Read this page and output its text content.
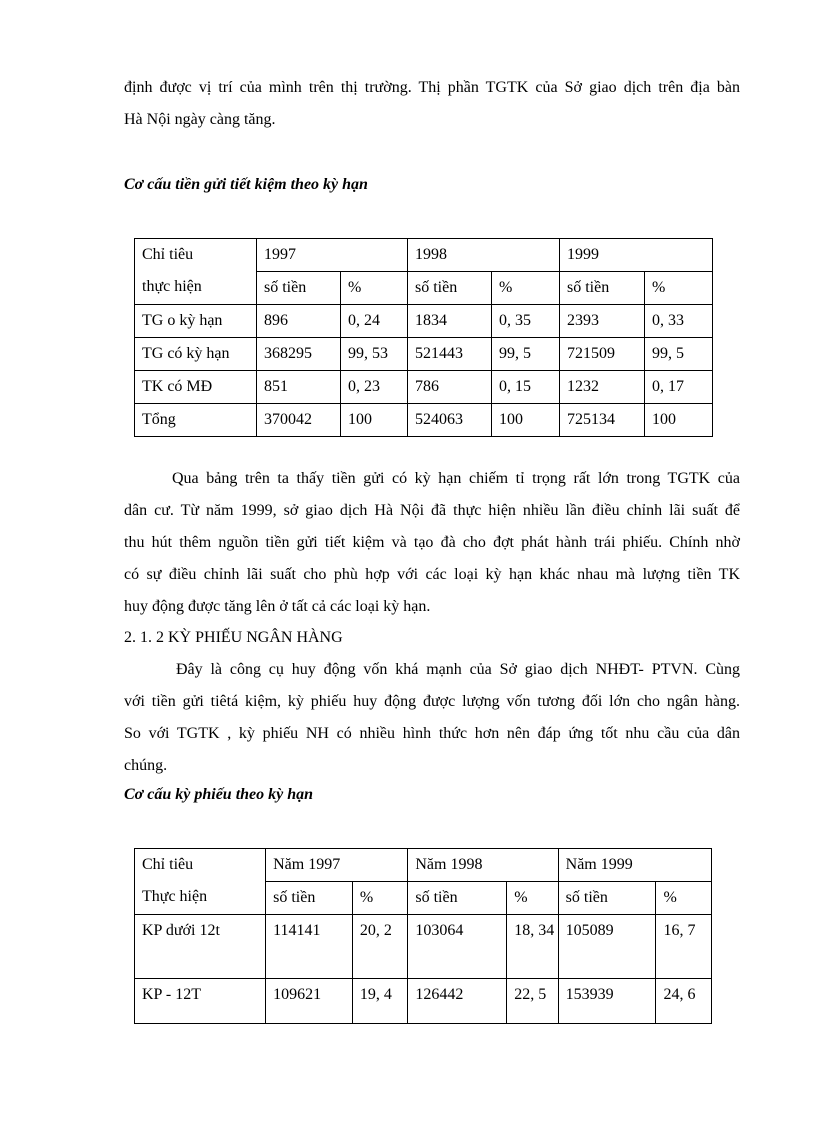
định được vị trí của mình trên thị trường. Thị phần TGTK của Sở giao dịch trên địa bàn
Hà Nội ngày càng tăng.

Cơ cấu tiền gửi tiết kiệm theo kỳ hạn

Chỉ tiêu
thực hiện	1997		1998		1999	
	số tiền	%	số tiền	%	số tiền	%
TG o kỳ hạn	896	0, 24	1834	0, 35	2393	0, 33
TG có kỳ hạn	368295	99, 53	521443	99, 5	721509	99, 5
TK có MĐ	851	0, 23	786	0, 15	1232	0, 17
Tổng	370042	100	524063	100	725134	100
Qua bảng trên ta thấy tiền gửi có kỳ hạn chiếm tỉ trọng rất lớn trong TGTK của
dân cư. Từ năm 1999, sở giao dịch Hà Nội đã thực hiện nhiều lần điều chỉnh lãi suất để
thu hút thêm nguồn tiền gửi tiết kiệm và tạo đà cho đợt phát hành trái phiếu. Chính nhờ
có sự điều chỉnh lãi suất cho phù hợp với các loại kỳ hạn khác nhau mà lượng tiền TK
huy động được tăng lên ở tất cả các loại kỳ hạn.
2. 1. 2 KỲ PHIẾU NGÂN HÀNG
Đây là công cụ huy động vốn khá mạnh của Sở giao dịch NHĐT- PTVN. Cùng
với tiền gửi tiêtá kiệm, kỳ phiếu huy động được lượng vốn tương đối lớn cho ngân hàng.
So với TGTK , kỳ phiếu NH có nhiều hình thức hơn nên đáp ứng tốt nhu cầu của dân
chúng.

Cơ cấu kỳ phiếu theo kỳ hạn

Chỉ tiêu
Thực hiện	Năm 1997		Năm 1998		Năm 1999	
	số tiền	%	số tiền	%	số tiền	%
KP dưới 12t	114141	20, 2	103064	18, 34	105089	16, 7
KP - 12T	109621	19, 4	126442	22, 5	153939	24, 6
